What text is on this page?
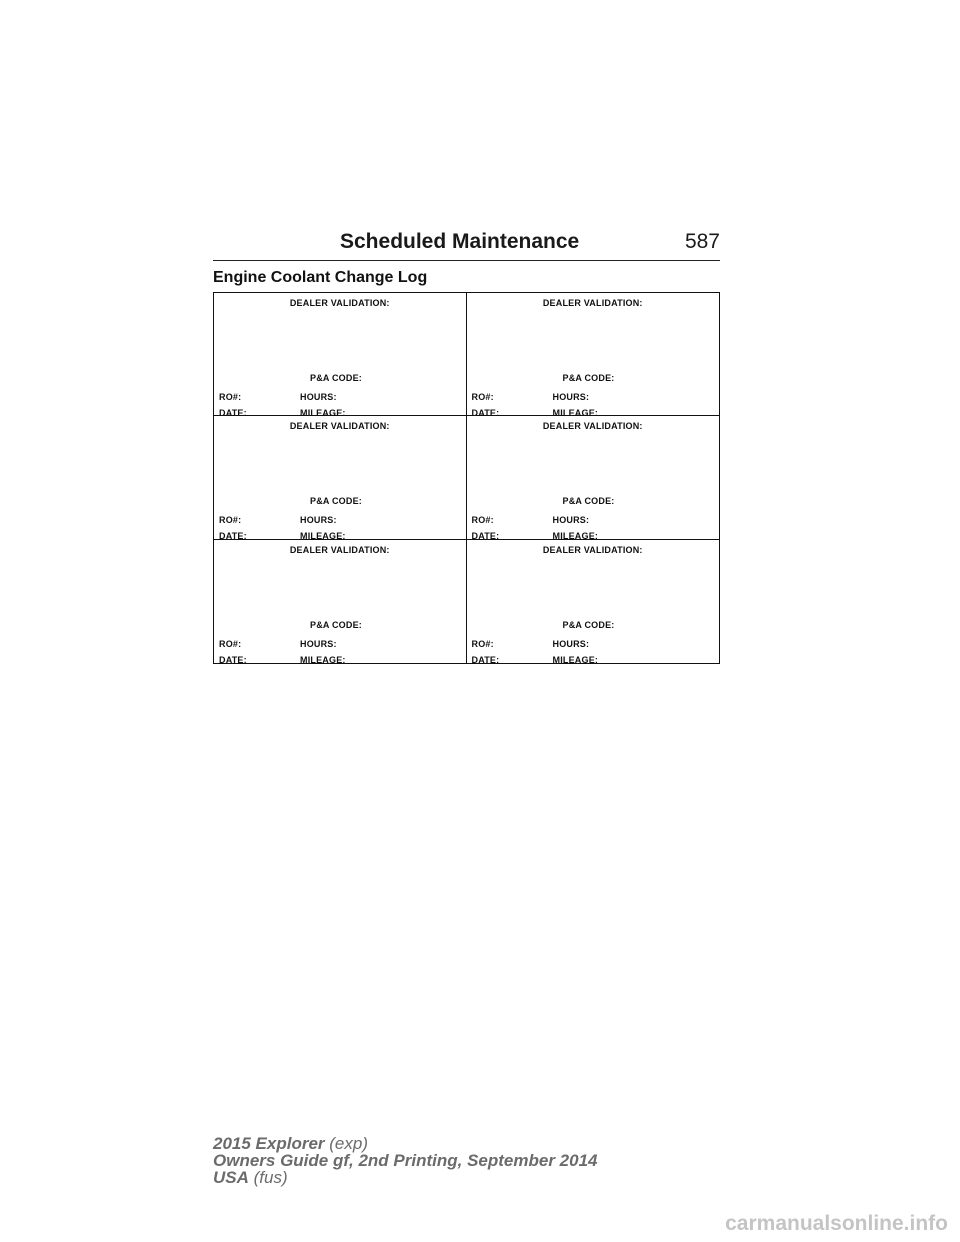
Scheduled Maintenance	587
Engine Coolant Change Log
DEALER VALIDATION:
P&A CODE:
RO#:	HOURS:
DATE:	MILEAGE:
DEALER VALIDATION:
P&A CODE:
RO#:	HOURS:
DATE:	MILEAGE:
DEALER VALIDATION:
P&A CODE:
RO#:	HOURS:
DATE:	MILEAGE:
DEALER VALIDATION:
P&A CODE:
RO#:	HOURS:
DATE:	MILEAGE:
DEALER VALIDATION:
P&A CODE:
RO#:	HOURS:
DATE:	MILEAGE:
DEALER VALIDATION:
P&A CODE:
RO#:	HOURS:
DATE:	MILEAGE:
2015 Explorer (exp)
Owners Guide gf, 2nd Printing, September 2014
USA (fus)
carmanualsonline.info
